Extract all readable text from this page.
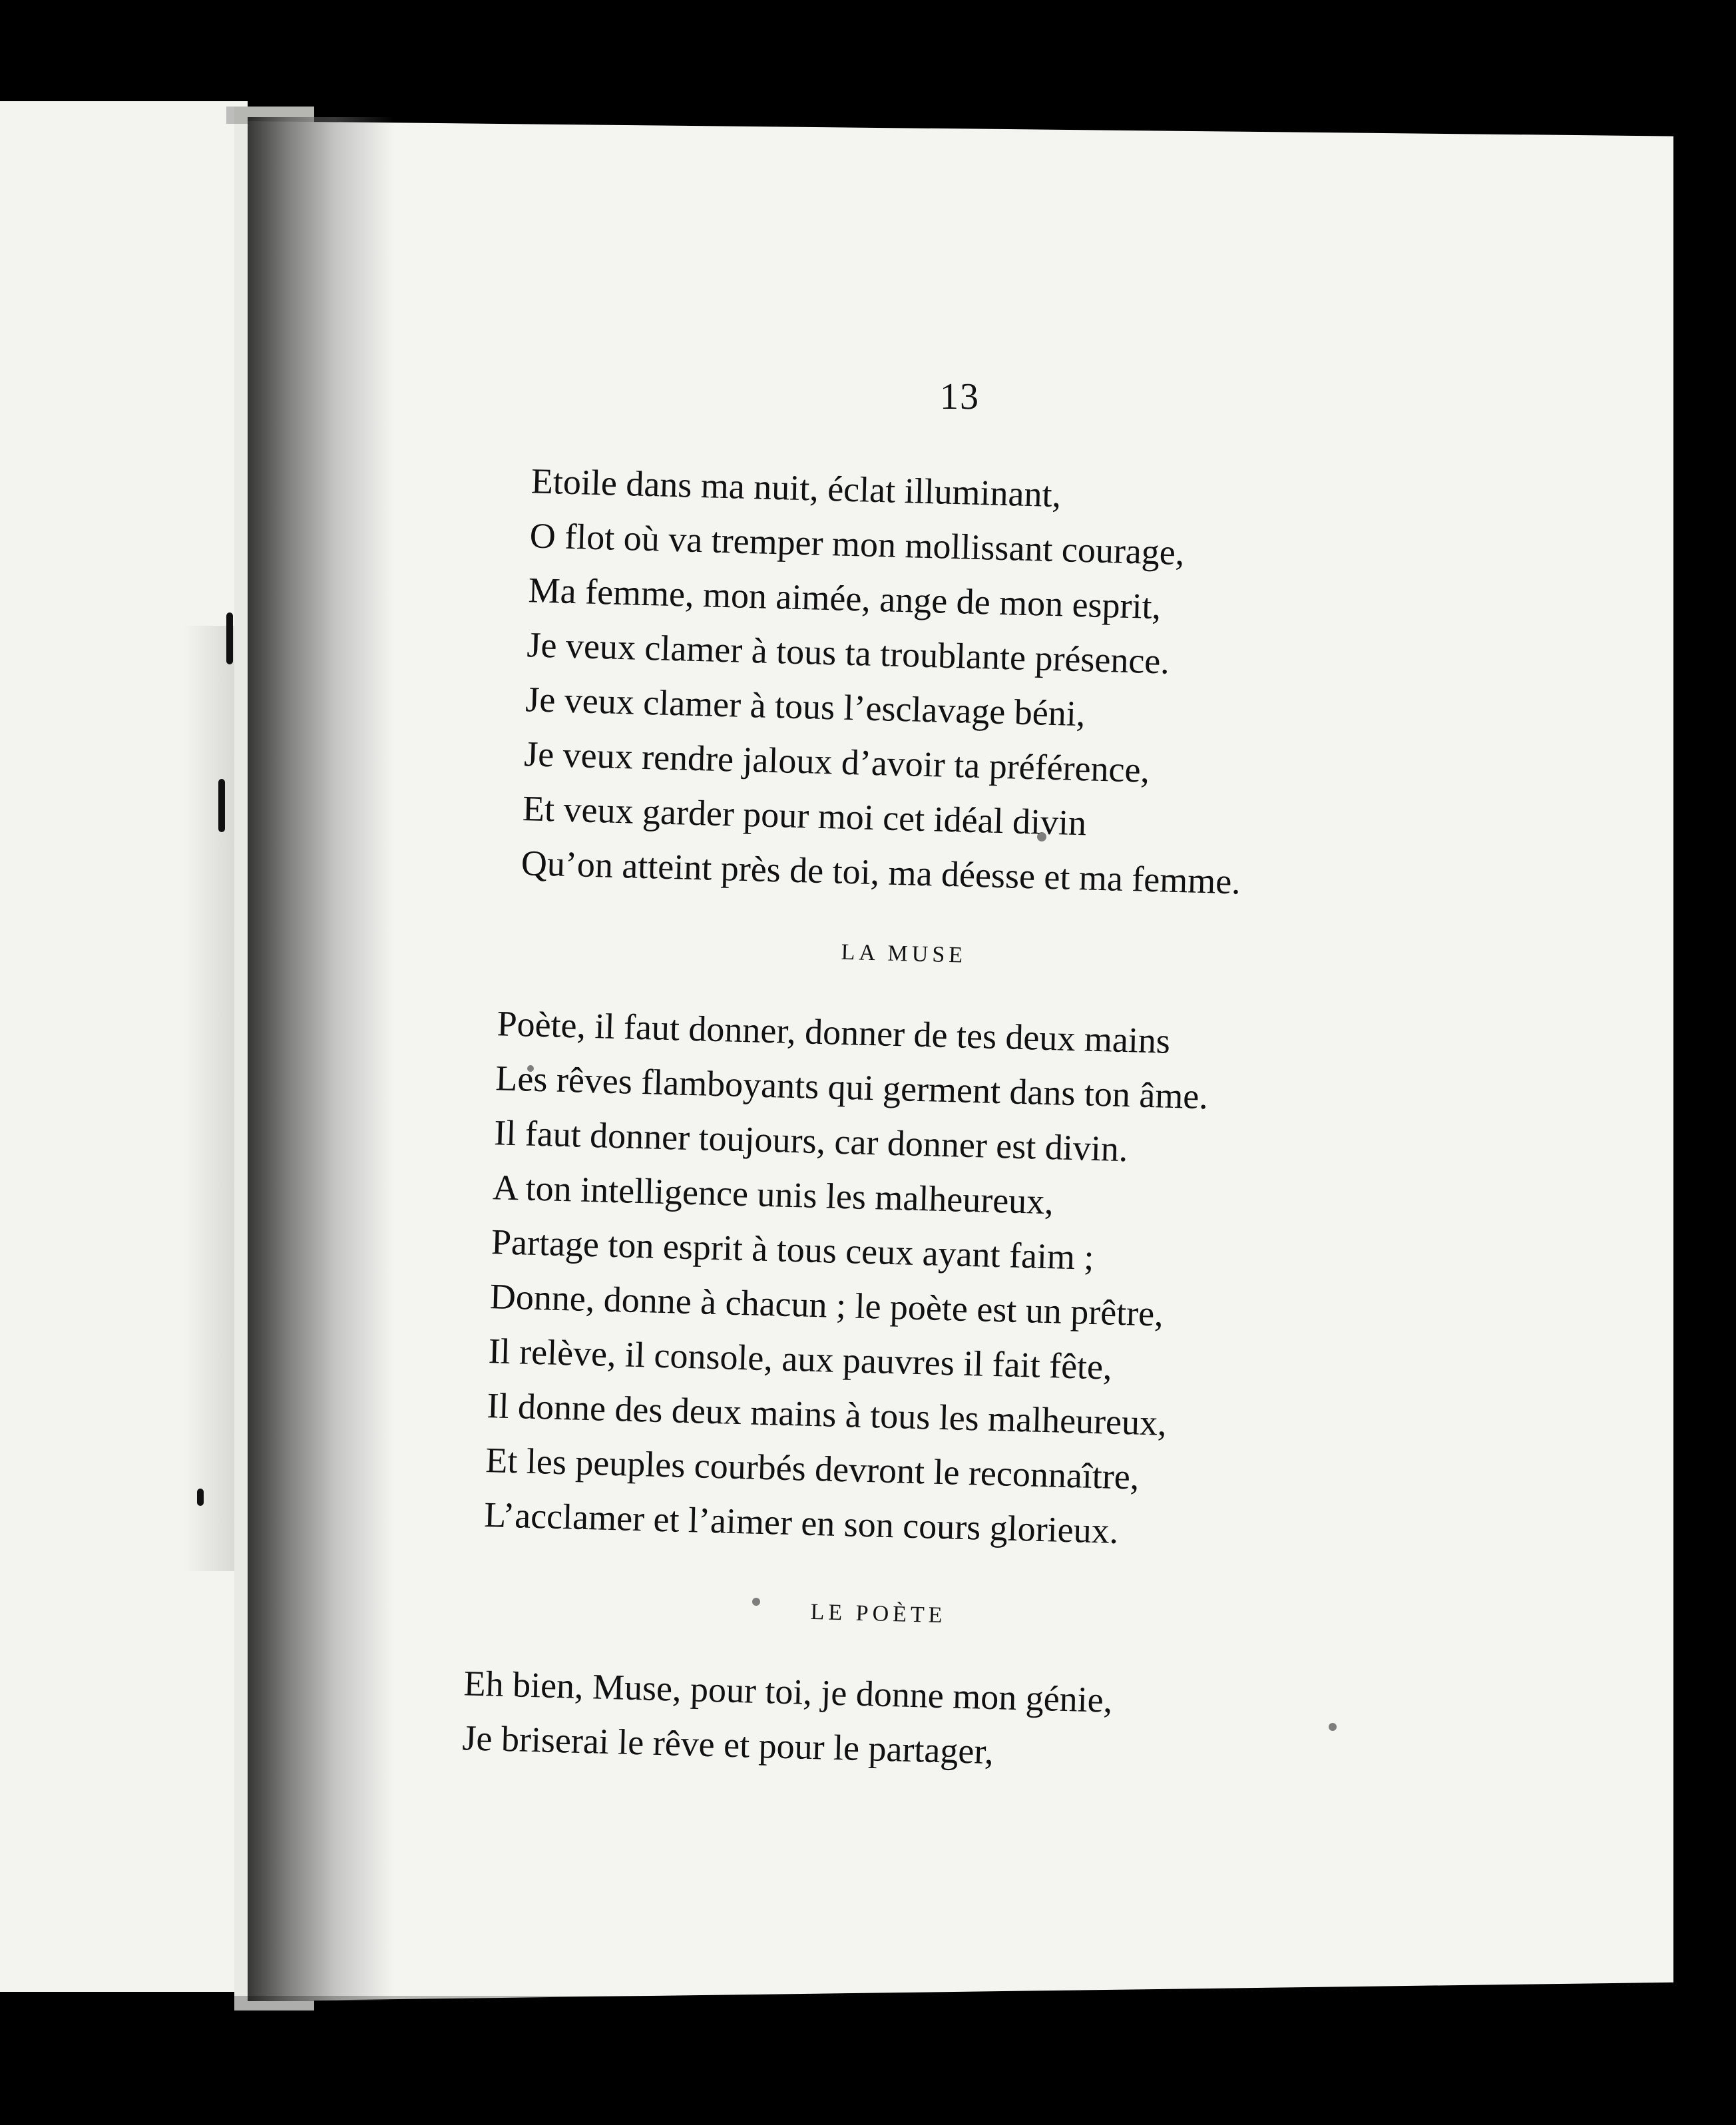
13
Etoile dans ma nuit, éclat illuminant,
O flot où va tremper mon mollissant courage,
Ma femme, mon aimée, ange de mon esprit,
Je veux clamer à tous ta troublante présence.
Je veux clamer à tous l’esclavage béni,
Je veux rendre jaloux d’avoir ta préférence,
Et veux garder pour moi cet idéal divin
Qu’on atteint près de toi, ma déesse et ma femme.
LA MUSE
Poète, il faut donner, donner de tes deux mains
Les rêves flamboyants qui germent dans ton âme.
Il faut donner toujours, car donner est divin.
A ton intelligence unis les malheureux,
Partage ton esprit à tous ceux ayant faim ;
Donne, donne à chacun ; le poète est un prêtre,
Il relève, il console, aux pauvres il fait fête,
Il donne des deux mains à tous les malheureux,
Et les peuples courbés devront le reconnaître,
L’acclamer et l’aimer en son cours glorieux.
LE POÈTE
Eh bien, Muse, pour toi, je donne mon génie,
Je briserai le rêve et pour le partager,
